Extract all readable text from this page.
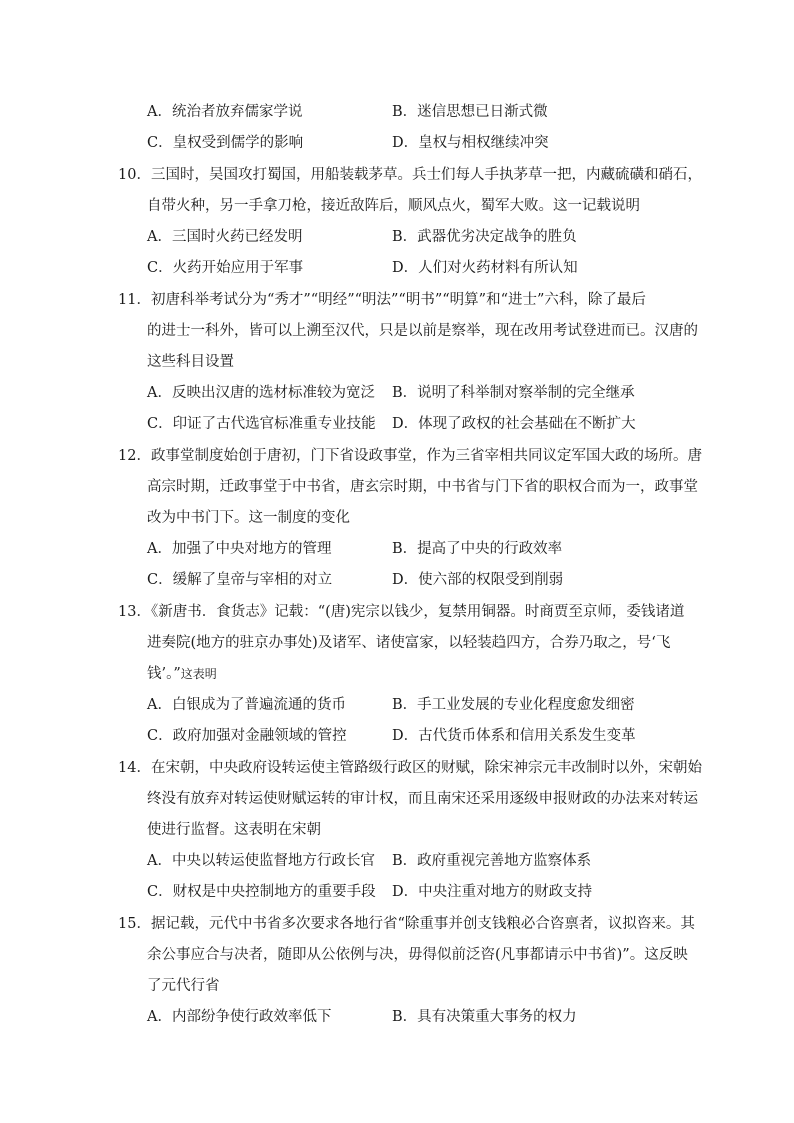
A．统治者放弃儒家学说	B．迷信思想已日渐式微
C．皇权受到儒学的影响	D．皇权与相权继续冲突
10．三国时，吴国攻打蜀国，用船装载茅草。兵士们每人手执茅草一把，内藏硫磺和硝石，
自带火种，另一手拿刀枪，接近敌阵后，顺风点火，蜀军大败。这一记载说明
A．三国时火药已经发明	B．武器优劣决定战争的胜负
C．火药开始应用于军事	D．人们对火药材料有所认知
11．初唐科举考试分为“秀才”“明经”“明法”“明书”“明算”和“进士”六科，除了最后
的进士一科外，皆可以上溯至汉代，只是以前是察举，现在改用考试登进而已。汉唐的
这些科目设置
A．反映出汉唐的选材标准较为宽泛 B．说明了科举制对察举制的完全继承
C．印证了古代选官标准重专业技能 D．体现了政权的社会基础在不断扩大
12．政事堂制度始创于唐初，门下省设政事堂，作为三省宰相共同议定军国大政的场所。唐
高宗时期，迁政事堂于中书省，唐玄宗时期，中书省与门下省的职权合而为一，政事堂
改为中书门下。这一制度的变化
A．加强了中央对地方的管理	B．提高了中央的行政效率
C．缓解了皇帝与宰相的对立	D．使六部的权限受到削弱
13．《新唐书．食货志》记载：“(唐)宪宗以钱少，复禁用铜器。时商贾至京师，委钱诸道
进奏院(地方的驻京办事处)及诸军、诸使富家，以轻装趋四方，合券乃取之，号‘飞
钱’。”这表明
A．白银成为了普遍流通的货币	B．手工业发展的专业化程度愈发细密
C．政府加强对金融领域的管控	D．古代货币体系和信用关系发生变革
14．在宋朝，中央政府设转运使主管路级行政区的财赋，除宋神宗元丰改制时以外，宋朝始
终没有放弃对转运使财赋运转的审计权，而且南宋还采用逐级申报财政的办法来对转运
使进行监督。这表明在宋朝
A．中央以转运使监督地方行政长官 B．政府重视完善地方监察体系
C．财权是中央控制地方的重要手段 D．中央注重对地方的财政支持
15．据记载，元代中书省多次要求各地行省“除重事并创支钱粮必合咨禀者，议拟咨来。其
余公事应合与决者，随即从公依例与决，毋得似前泛咨(凡事都请示中书省)”。这反映
了元代行省
A．内部纷争使行政效率低下	B．具有决策重大事务的权力
